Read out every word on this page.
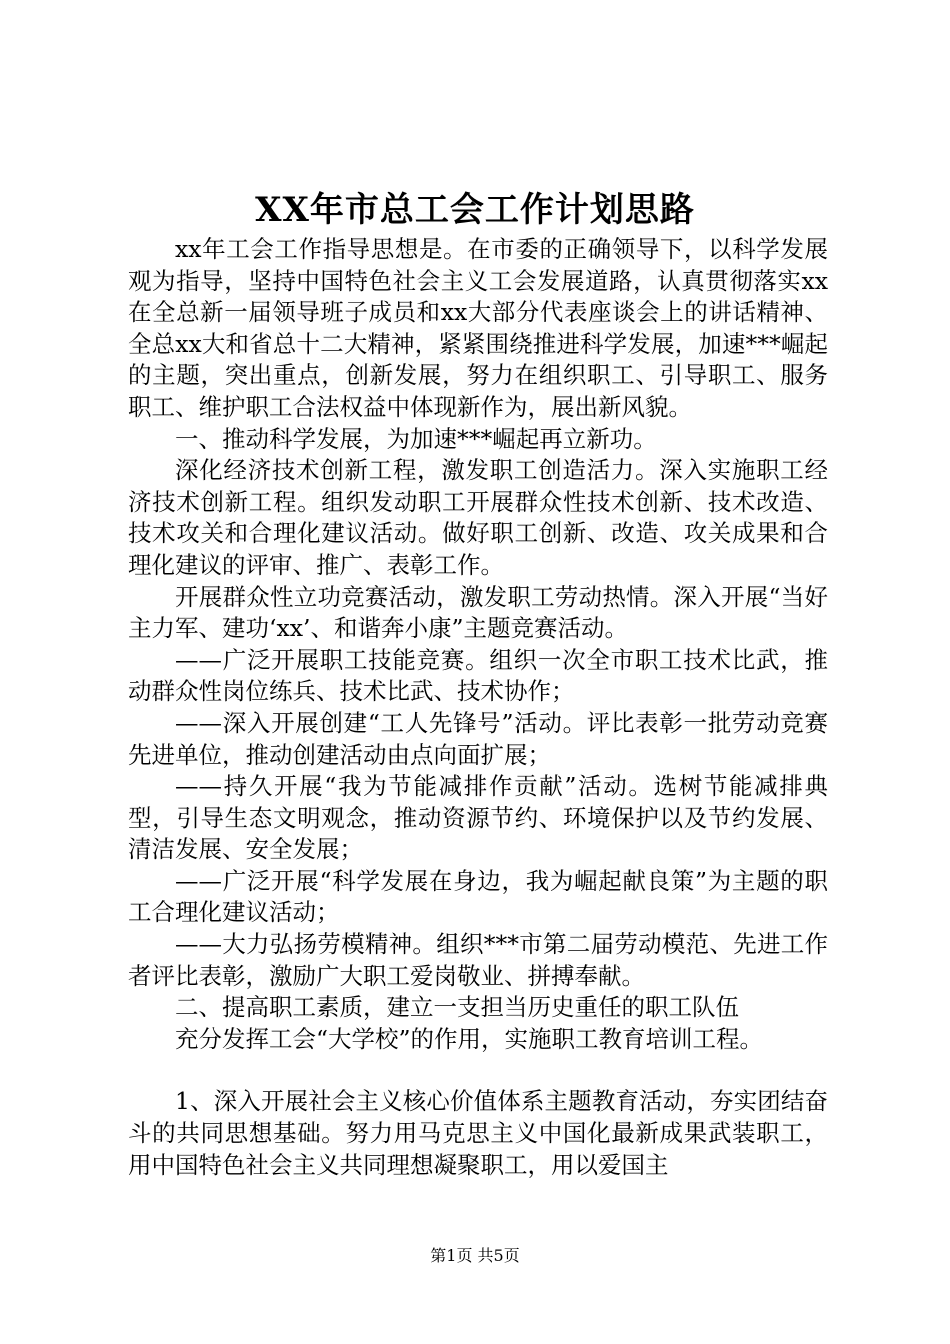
XX年市总工会工作计划思路

xx年工会工作指导思想是。在市委的正确领导下，以科学发展观为指导，坚持中国特色社会主义工会发展道路，认真贯彻落实xx在全总新一届领导班子成员和xx大部分代表座谈会上的讲话精神、全总xx大和省总十二大精神，紧紧围绕推进科学发展，加速***崛起的主题，突出重点，创新发展，努力在组织职工、引导职工、服务职工、维护职工合法权益中体现新作为，展出新风貌。

一、推动科学发展，为加速***崛起再立新功。

深化经济技术创新工程，激发职工创造活力。深入实施职工经济技术创新工程。组织发动职工开展群众性技术创新、技术改造、技术攻关和合理化建议活动。做好职工创新、改造、攻关成果和合理化建议的评审、推广、表彰工作。

开展群众性立功竞赛活动，激发职工劳动热情。深入开展“当好主力军、建功‘xx’、和谐奔小康”主题竞赛活动。

——广泛开展职工技能竞赛。组织一次全市职工技术比武，推动群众性岗位练兵、技术比武、技术协作；

——深入开展创建“工人先锋号”活动。评比表彰一批劳动竞赛先进单位，推动创建活动由点向面扩展；

——持久开展“我为节能减排作贡献”活动。选树节能减排典型，引导生态文明观念，推动资源节约、环境保护以及节约发展、清洁发展、安全发展；

——广泛开展“科学发展在身边，我为崛起献良策”为主题的职工合理化建议活动；

——大力弘扬劳模精神。组织***市第二届劳动模范、先进工作者评比表彰，激励广大职工爱岗敬业、拼搏奉献。

二、提高职工素质，建立一支担当历史重任的职工队伍

充分发挥工会“大学校”的作用，实施职工教育培训工程。

1、深入开展社会主义核心价值体系主题教育活动，夯实团结奋斗的共同思想基础。努力用马克思主义中国化最新成果武装职工，用中国特色社会主义共同理想凝聚职工，用以爱国主

第1页 共5页
